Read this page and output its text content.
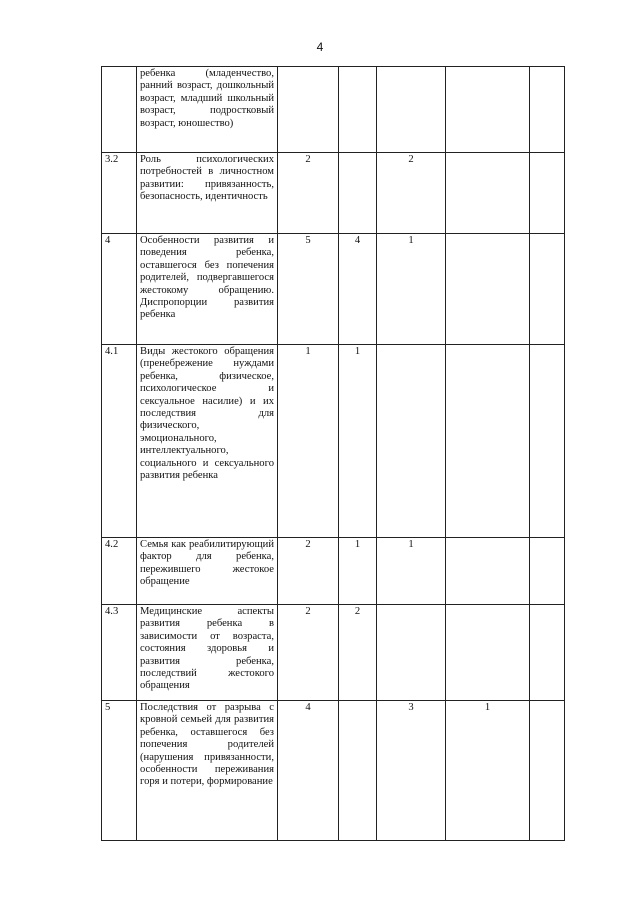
4
	ребенка (младенчество, ранний возраст, дошкольный возраст, младший школьный возраст, подростковый возраст, юношество)					
3.2	Роль психологических потребностей в личностном развитии: привязанность, безопасность, идентичность	2		2		
4	Особенности развития и поведения ребенка, оставшегося без попечения родителей, подвергавшегося жестокому обращению. Диспропорции развития ребенка	5	4	1		
4.1	Виды жестокого обращения (пренебрежение нуждами ребенка, физическое, психологическое и сексуальное насилие) и их последствия для физического, эмоционального, интеллектуального, социального и сексуального развития ребенка	1	1			
4.2	Семья как реабилитирующий фактор для ребенка, пережившего жестокое обращение	2	1	1		
4.3	Медицинские аспекты развития ребенка в зависимости от возраста, состояния здоровья и развития ребенка, последствий жестокого обращения	2	2			
5	Последствия от разрыва с кровной семьей для развития ребенка, оставшегося без попечения родителей (нарушения привязанности, особенности переживания горя и потери, формирование	4		3	1	
